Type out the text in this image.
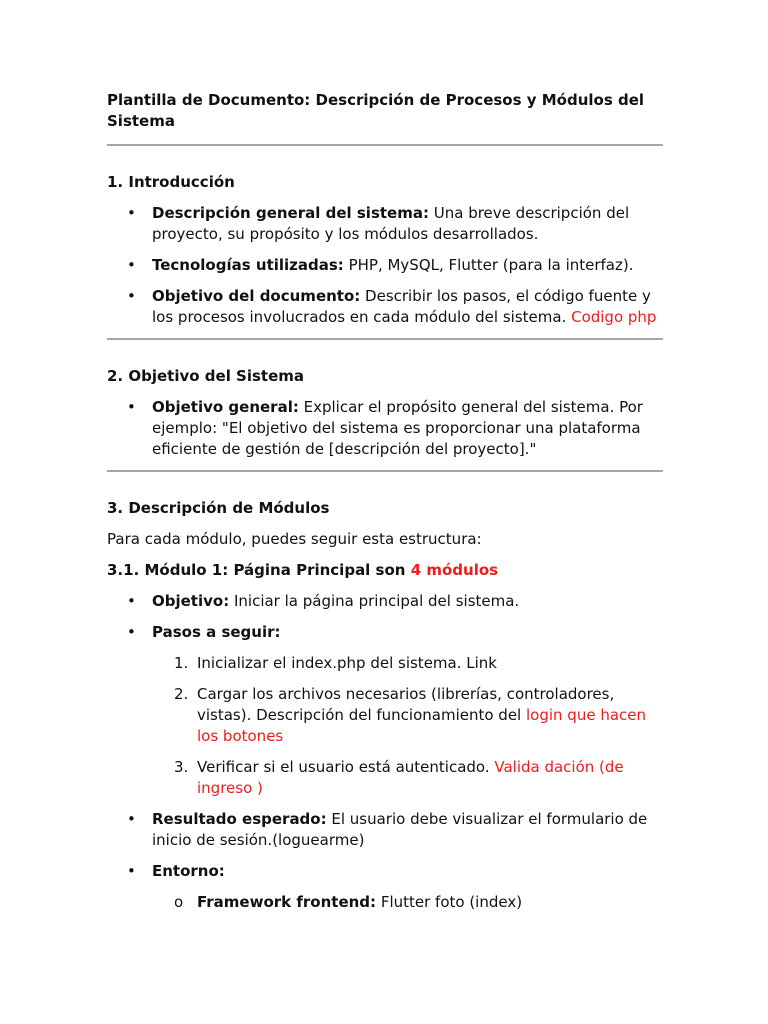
Plantilla de Documento: Descripción de Procesos y Módulos del Sistema

1. Introducción
• Descripción general del sistema: Una breve descripción del proyecto, su propósito y los módulos desarrollados.
• Tecnologías utilizadas: PHP, MySQL, Flutter (para la interfaz).
• Objetivo del documento: Describir los pasos, el código fuente y los procesos involucrados en cada módulo del sistema. Codigo php
2. Objetivo del Sistema
• Objetivo general: Explicar el propósito general del sistema. Por ejemplo: "El objetivo del sistema es proporcionar una plataforma eficiente de gestión de [descripción del proyecto]."
3. Descripción de Módulos

Para cada módulo, puedes seguir esta estructura:

3.1. Módulo 1: Página Principal son 4 módulos
• Objetivo: Iniciar la página principal del sistema.
• Pasos a seguir:
1. Inicializar el index.php del sistema. Link
2. Cargar los archivos necesarios (librerías, controladores, vistas). Descripción del funcionamiento del login que hacen los botones
3. Verificar si el usuario está autenticado. Valida dación (de ingreso )
• Resultado esperado: El usuario debe visualizar el formulario de inicio de sesión.(loguearme)
• Entorno:
o Framework frontend: Flutter foto (index)
